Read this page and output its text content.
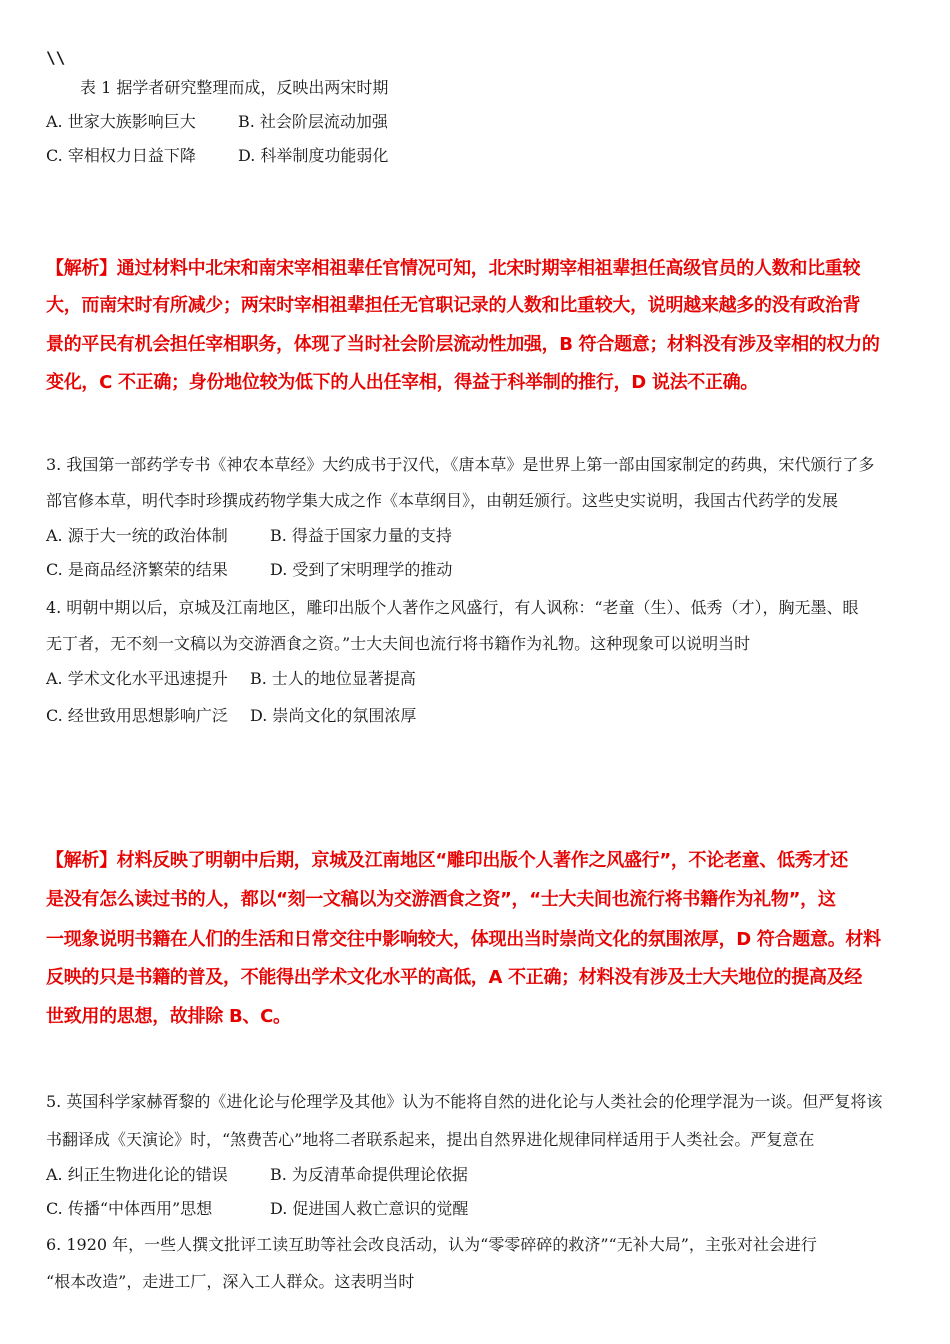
\\
表 1 据学者研究整理而成，反映出两宋时期
A. 世家大族影响巨大	B. 社会阶层流动加强
C. 宰相权力日益下降	D. 科举制度功能弱化
【解析】通过材料中北宋和南宋宰相祖辈任官情况可知，北宋时期宰相祖辈担任高级官员的人数和比重较
大，而南宋时有所减少；两宋时宰相祖辈担任无官职记录的人数和比重较大，说明越来越多的没有政治背
景的平民有机会担任宰相职务，体现了当时社会阶层流动性加强，B 符合题意；材料没有涉及宰相的权力的
变化，C 不正确；身份地位较为低下的人出任宰相，得益于科举制的推行，D 说法不正确。
3. 我国第一部药学专书《神农本草经》大约成书于汉代，《唐本草》是世界上第一部由国家制定的药典，宋代颁行了多
部官修本草，明代李时珍撰成药物学集大成之作《本草纲目》，由朝廷颁行。这些史实说明，我国古代药学的发展
A. 源于大一统的政治体制	B. 得益于国家力量的支持
C. 是商品经济繁荣的结果	D. 受到了宋明理学的推动
4. 明朝中期以后，京城及江南地区，雕印出版个人著作之风盛行，有人讽称：“老童（生）、低秀（才），胸无墨、眼
无丁者，无不刻一文稿以为交游酒食之资。”士大夫间也流行将书籍作为礼物。这种现象可以说明当时
A. 学术文化水平迅速提升 B. 士人的地位显著提高
C. 经世致用思想影响广泛 D. 崇尚文化的氛围浓厚
【解析】材料反映了明朝中后期，京城及江南地区“雕印出版个人著作之风盛行”，不论老童、低秀才还
是没有怎么读过书的人，都以“刻一文稿以为交游酒食之资”，“士大夫间也流行将书籍作为礼物”，这
一现象说明书籍在人们的生活和日常交往中影响较大，体现出当时崇尚文化的氛围浓厚，D 符合题意。材料
反映的只是书籍的普及，不能得出学术文化水平的高低，A 不正确；材料没有涉及士大夫地位的提高及经
世致用的思想，故排除 B、C。
5. 英国科学家赫胥黎的《进化论与伦理学及其他》认为不能将自然的进化论与人类社会的伦理学混为一谈。但严复将该
书翻译成《天演论》时，“煞费苦心”地将二者联系起来，提出自然界进化规律同样适用于人类社会。严复意在
A. 纠正生物进化论的错误	B. 为反清革命提供理论依据
C. 传播“中体西用”思想	D. 促进国人救亡意识的觉醒
6. 1920 年，一些人撰文批评工读互助等社会改良活动，认为“零零碎碎的救济”“无补大局”，主张对社会进行
“根本改造”，走进工厂，深入工人群众。这表明当时
